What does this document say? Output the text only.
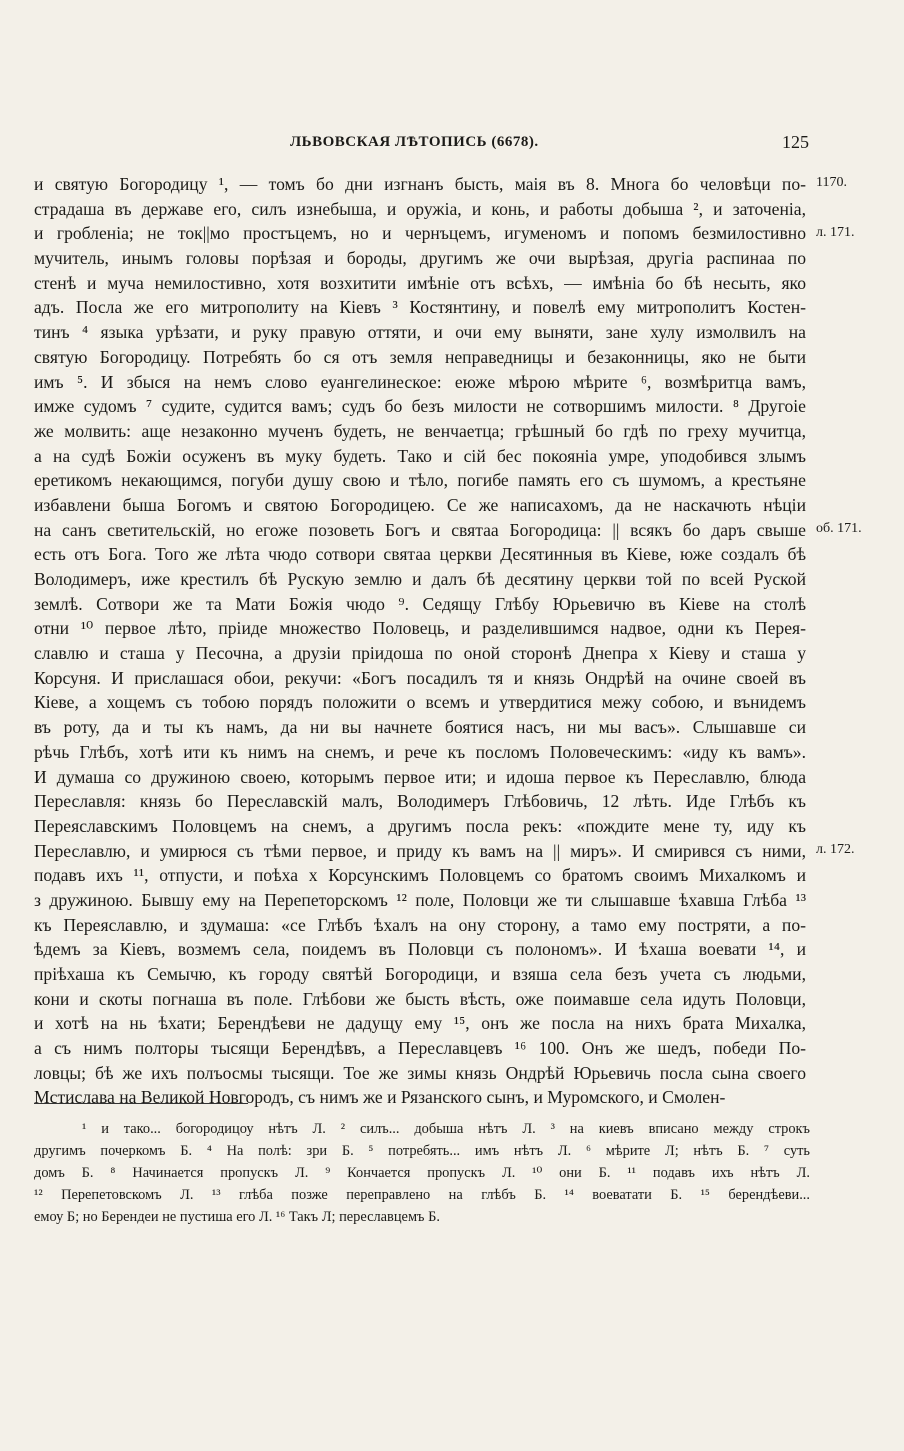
ЛЬВОВСКАЯ ЛѢТОПИСЬ (6678).	125
и святую Богородицу ¹, — томъ бо дни изгнанъ бысть, маія въ 8. Многа бо человѣци по-
страдаша въ державе его, силъ изнебыша, и оружіа, и конь, и работы добыша ², и заточеніа,
и гробленіа; не ток||мо простъцемъ, но и чернъцемъ, игуменомъ и попомъ безмилостивно
мучитель, инымъ головы порѣзая и бороды, другимъ же очи вырѣзая, другіа распинаа по
стенѣ и муча немилостивно, хотя возхитити имѣніе отъ всѣхъ, — имѣніа бо бѣ несыть, яко
адъ. Посла же его митрополиту на Кіевъ ³ Костянтину, и повелѣ ему митрополитъ Костен-
тинъ ⁴ языка урѣзати, и руку правую оттяти, и очи ему выняти, зане хулу измолвилъ на
святую Богородицу. Потребять бо ся отъ земля неправедницы и безаконницы, яко не быти
имъ ⁵. И збыся на немъ слово еуангелинеское: еюже мѣрою мѣрите ⁶, возмѣритца вамъ,
имже судомъ ⁷ судите, судится вамъ; судъ бо безъ милости не сотворшимъ милости. ⁸ Другоіе
же молвить: аще незаконно мученъ будеть, не венчаетца; грѣшный бо гдѣ по греху мучитца,
а на судѣ Божіи осуженъ въ муку будеть. Тако и сій бес покояніа умре, уподобився злымъ
еретикомъ некающимся, погуби душу свою и тѣло, погибе память его съ шумомъ, а крестьяне
избавлени быша Богомъ и святою Богородицею. Се же написахомъ, да не наскачють нѣціи
на санъ светительскій, но егоже позоветь Богъ и святаа Богородица: || всякъ бо даръ свыше
есть отъ Бога. Того же лѣта чюдо сотвори святаа церкви Десятинныя въ Кіеве, юже создалъ бѣ
Володимеръ, иже крестилъ бѣ Рускую землю и далъ бѣ десятину церкви той по всей Руской
землѣ. Сотвори же та Мати Божія чюдо ⁹. Седящу Глѣбу Юрьевичю въ Кіеве на столѣ
отни ¹⁰ первое лѣто, пріиде множество Половець, и разделившимся надвое, одни къ Перея-
славлю и сташа у Песочна, а друзіи пріидоша по оной сторонѣ Днепра х Кіеву и сташа у
Корсуня. И прислашася обои, рекучи: «Богъ посадилъ тя и князь Ондрѣй на очине своей въ
Кіеве, а хощемъ съ тобою порядъ положити о всемъ и утвердитися межу собою, и вънидемъ
въ роту, да и ты къ намъ, да ни вы начнете боятися насъ, ни мы васъ». Слышавше си
рѣчь Глѣбъ, хотѣ ити къ нимъ на снемъ, и рече къ посломъ Половеческимъ: «иду къ вамъ».
И думаша со дружиною своею, которымъ первое ити; и идоша первое къ Переславлю, блюда
Переславля: князь бо Переславскій малъ, Володимеръ Глѣбовичь, 12 лѣть. Иде Глѣбъ къ
Переяславскимъ Половцемъ на снемъ, а другимъ посла рекъ: «пождите мене ту, иду къ
Переславлю, и умирюся съ тѣми первое, и приду къ вамъ на || миръ». И смирився съ ними,
подавъ ихъ ¹¹, отпусти, и поѣха х Корсунскимъ Половцемъ со братомъ своимъ Михалкомъ и
з дружиною. Бывшу ему на Перепеторскомъ ¹² поле, Половци же ти слышавше ѣхавша Глѣба ¹³
къ Переяславлю, и здумаша: «се Глѣбъ ѣхалъ на ону сторону, а тамо ему постряти, а по-
ѣдемъ за Кіевъ, возмемъ села, поидемъ въ Половци съ полономъ». И ѣхаша воевати ¹⁴, и
пріѣхаша къ Семычю, къ городу святѣй Богородици, и взяша села безъ учета съ людьми,
кони и скоты погнаша въ поле. Глѣбови же бысть вѣсть, оже поимавше села идуть Половци,
и хотѣ на нь ѣхати; Берендѣеви не дадущу ему ¹⁵, онъ же посла на нихъ брата Михалка,
а съ нимъ полторы тысящи Берендѣвъ, а Переславцевъ ¹⁶ 100. Онъ же шедъ, победи По-
ловцы; бѣ же ихъ полъосмы тысящи. Тое же зимы князь Ондрѣй Юрьевичь посла сына своего
Мстислава на Великой Новгородъ, съ нимъ же и Рязанского сынъ, и Муромского, и Смолен-
1170.
л. 171.
об. 171.
л. 172.
¹ и тако... богородицоу нѣтъ Л. ² силъ... добыша нѣтъ Л. ³ на киевъ вписано между строкъ
другимъ почеркомъ Б. ⁴ На полѣ: зри Б. ⁵ потребять... имъ нѣтъ Л. ⁶ мѣрите Л; нѣтъ Б. ⁷ суть
домъ Б. ⁸ Начинается пропускъ Л. ⁹ Кончается пропускъ Л. ¹⁰ они Б. ¹¹ подавъ ихъ нѣтъ Л.
¹² Перепетовскомъ Л. ¹³ глѣба позже переправлено на глѣбъ Б. ¹⁴ воеватати Б. ¹⁵ берендѣеви...
емоу Б; но Берендеи не пустиша его Л. ¹⁶ Такъ Л; переславцемъ Б.
